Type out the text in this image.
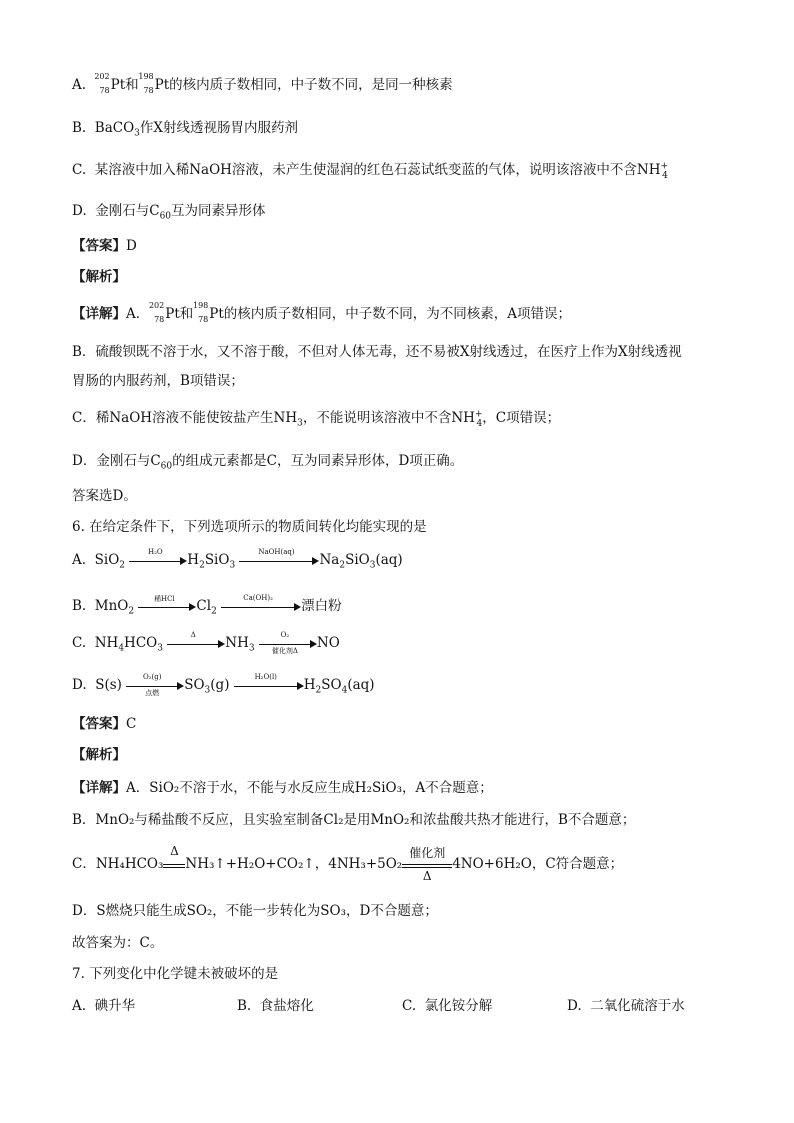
A.
202
78 Pt和
198
78 Pt的核内质子数相同，中子数不同，是同一种核素
B.  BaCO$_3$作X射线透视肠胃内服药剂
C.  某溶液中加入稀NaOH溶液，未产生使湿润的红色石蕊试纸变蓝的气体，说明该溶液中不含$NH^+_4$
D.  金刚石与$C_{60}$互为同素异形体
【答案】D
【解析】
【详解】A．
202
78 Pt和
198
78 Pt的核内质子数相同，中子数不同，为不同核素，A项错误；
B．硫酸钡既不溶于水，又不溶于酸，不但对人体无毒，还不易被X射线透过，在医疗上作为X射线透视
胃肠的内服药剂，B项错误；
C．稀NaOH溶液不能使铵盐产生$NH_3$，不能说明该溶液中不含$NH^+_4$，C项错误；
D．金刚石与$C_{60}$的组成元素都是C，互为同素异形体，D项正确。
答案选D。
6. 在给定条件下，下列选项所示的物质间转化均能实现的是
A.  SiO$_2$
H₂O
$H_2SiO_3$
NaOH(aq)
$Na_2SiO_3(aq)$
B.  MnO$_2$
稀HCl	$Cl_2$
Ca(OH)₂
漂白粉
C.  $NH_4HCO_3$
Δ
$NH_3$
O₂
催化剂Δ	NO
D.  S(s)
O₂(g)
点燃	$SO_3(g)$
H₂O(l)
$H_2SO_4(aq)$
【答案】C
【解析】
【详解】A．SiO₂不溶于水，不能与水反应生成H₂SiO₃，A不合题意；
B．MnO₂与稀盐酸不反应，且实验室制备Cl₂是用MnO₂和浓盐酸共热才能进行，B不合题意；
C．NH₄HCO₃
Δ
NH₃↑+H₂O+CO₂↑，4NH₃+5O₂
催化剂
Δ
4NO+6H₂O，C符合题意；
D．S燃烧只能生成SO₂，不能一步转化为SO₃，D不合题意；
故答案为：C。
7. 下列变化中化学键未被破坏的是
A.  碘升华	B.  食盐熔化	C.  氯化铵分解	D.  二氧化硫溶于水
